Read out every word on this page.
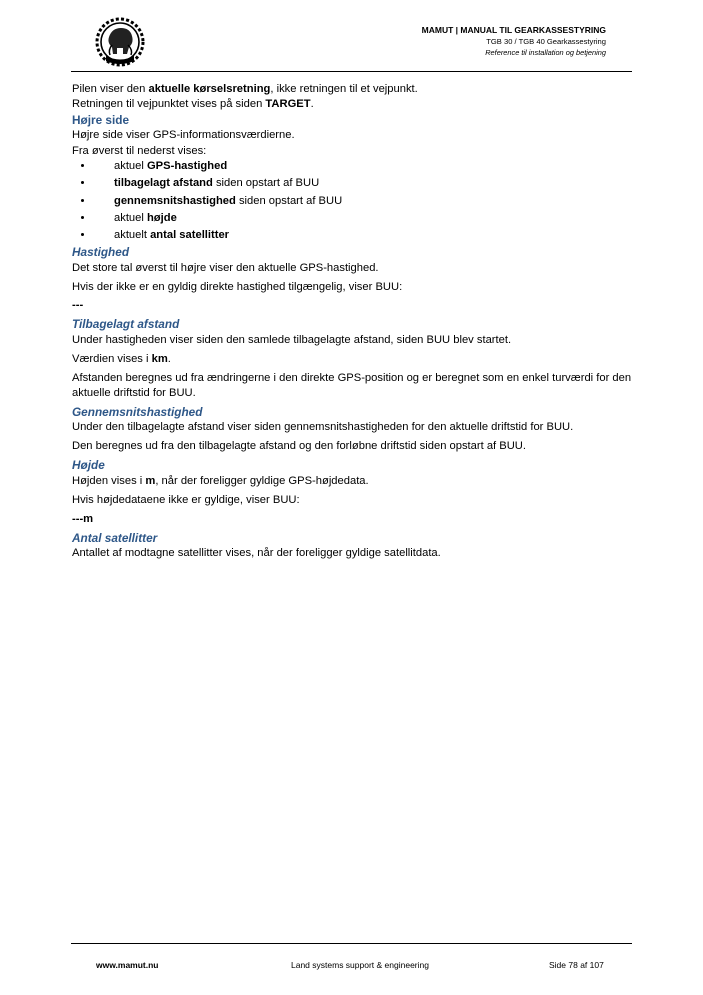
MAMUT | MANUAL TIL GEARKASSESTYRING
TGB 30 / TGB 40 Gearkassestyring
Reference til installation og betjening

Pilen viser den aktuelle kørselsretning, ikke retningen til et vejpunkt.

Retningen til vejpunktet vises på siden TARGET.

Højre side

Højre side viser GPS-informationsværdierne.

Fra øverst til nederst vises:

• aktuel GPS-hastighed
• tilbagelagt afstand siden opstart af BUU
• gennemsnitshastighed siden opstart af BUU
• aktuel højde
• aktuelt antal satellitter
Hastighed

Det store tal øverst til højre viser den aktuelle GPS-hastighed.

Hvis der ikke er en gyldig direkte hastighed tilgængelig, viser BUU:

---

Tilbagelagt afstand

Under hastigheden viser siden den samlede tilbagelagte afstand, siden BUU blev startet.

Værdien vises i km.

Afstanden beregnes ud fra ændringerne i den direkte GPS-position og er beregnet som en enkel turværdi for den aktuelle driftstid for BUU.

Gennemsnitshastighed

Under den tilbagelagte afstand viser siden gennemsnitshastigheden for den aktuelle driftstid for BUU.

Den beregnes ud fra den tilbagelagte afstand og den forløbne driftstid siden opstart af BUU.

Højde

Højden vises i m, når der foreligger gyldige GPS-højdedata.

Hvis højdedataene ikke er gyldige, viser BUU:

---m

Antal satellitter

Antallet af modtagne satellitter vises, når der foreligger gyldige satellitdata.

www.mamut.nu	Land systems support & engineering	Side 78 af 107
